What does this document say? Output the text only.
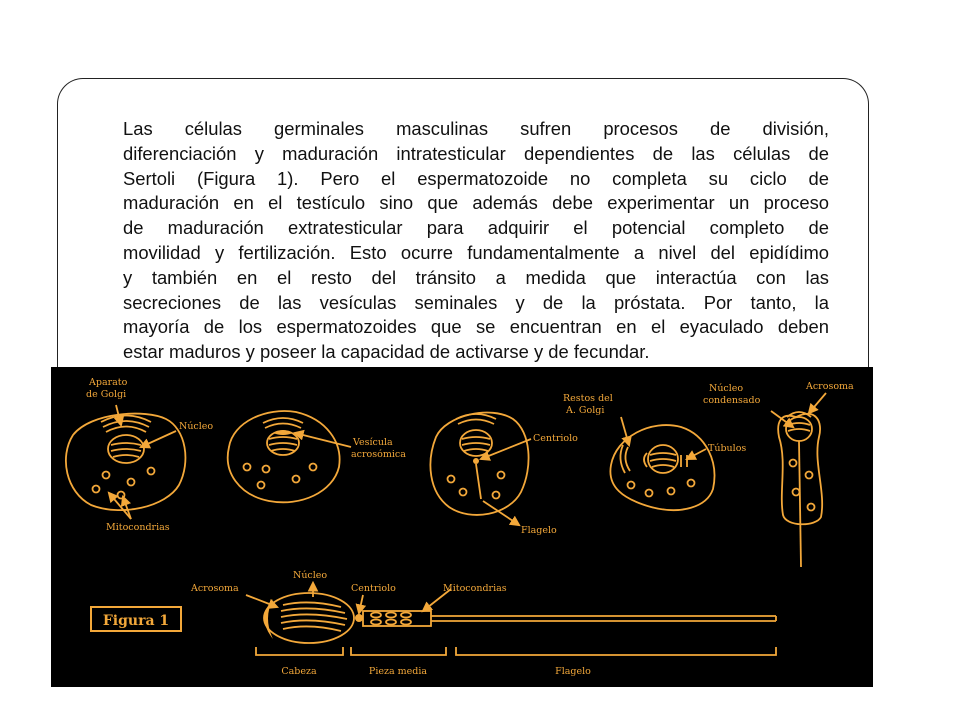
Las células germinales masculinas sufren procesos de división,
diferenciación y maduración intratesticular dependientes de las células de
Sertoli (Figura 1). Pero el espermatozoide no completa su ciclo de
maduración en el testículo sino que además debe experimentar un proceso
de maduración extratesticular para adquirir el potencial completo de
movilidad y fertilización. Esto ocurre fundamentalmente a nivel del epidídimo
y también en el resto del tránsito a medida que interactúa con las
secreciones de las vesículas seminales y de la próstata. Por tanto, la
mayoría de los espermatozoides que se encuentran en el eyaculado deben
estar maduros y poseer la capacidad de activarse y de fecundar.
Aparato
de Golgi
Núcleo
Mitocondrias
Vesícula
acrosómica
Centriolo
Flagelo
Restos del
A. Golgi
Túbulos
Núcleo
condensado
Acrosoma
Figura 1
Acrosoma
Núcleo
Centriolo	Mitocondrias
Cabeza	Pieza media	Flagelo
